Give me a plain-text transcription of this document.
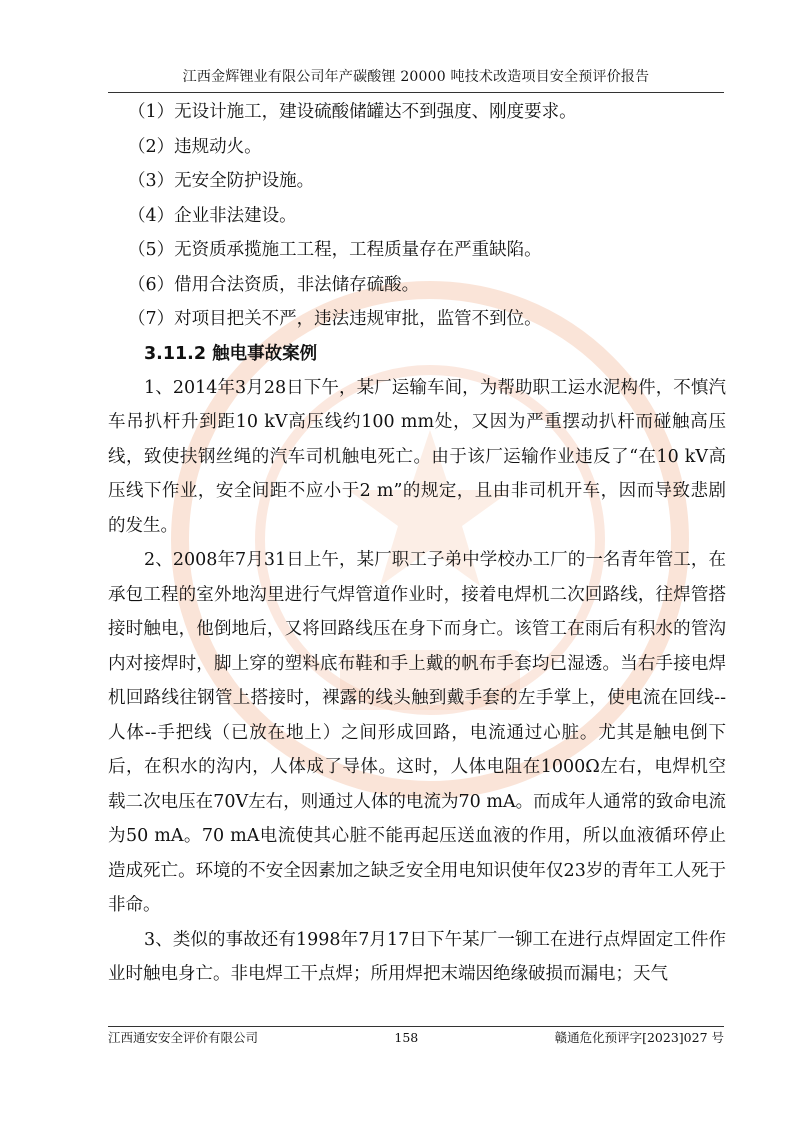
江西金辉锂业有限公司年产碳酸锂 20000 吨技术改造项目安全预评价报告
（1）无设计施工，建设硫酸储罐达不到强度、刚度要求。
（2）违规动火。
（3）无安全防护设施。
（4）企业非法建设。
（5）无资质承揽施工工程，工程质量存在严重缺陷。
（6）借用合法资质，非法储存硫酸。
（7）对项目把关不严，违法违规审批，监管不到位。
3.11.2 触电事故案例

1、2014年3月28日下午，某厂运输车间，为帮助职工运水泥构件，不慎汽车吊扒杆升到距10 kV高压线约100 mm处，又因为严重摆动扒杆而碰触高压线，致使扶钢丝绳的汽车司机触电死亡。由于该厂运输作业违反了“在10 kV高压线下作业，安全间距不应小于2 m”的规定，且由非司机开车，因而导致悲剧的发生。

2、2008年7月31日上午，某厂职工子弟中学校办工厂的一名青年管工，在承包工程的室外地沟里进行气焊管道作业时，接着电焊机二次回路线，往焊管搭接时触电，他倒地后，又将回路线压在身下而身亡。该管工在雨后有积水的管沟内对接焊时，脚上穿的塑料底布鞋和手上戴的帆布手套均已湿透。当右手接电焊机回路线往钢管上搭接时，裸露的线头触到戴手套的左手掌上，使电流在回线--人体--手把线（已放在地上）之间形成回路，电流通过心脏。尤其是触电倒下后，在积水的沟内，人体成了导体。这时，人体电阻在1000Ω左右，电焊机空载二次电压在70V左右，则通过人体的电流为70 mA。而成年人通常的致命电流为50 mA。70 mA电流使其心脏不能再起压送血液的作用，所以血液循环停止造成死亡。环境的不安全因素加之缺乏安全用电知识使年仅23岁的青年工人死于非命。

3、类似的事故还有1998年7月17日下午某厂一铆工在进行点焊固定工件作业时触电身亡。非电焊工干点焊；所用焊把末端因绝缘破损而漏电；天气

江西通安安全评价有限公司	158	赣通危化预评字[2023]027 号
